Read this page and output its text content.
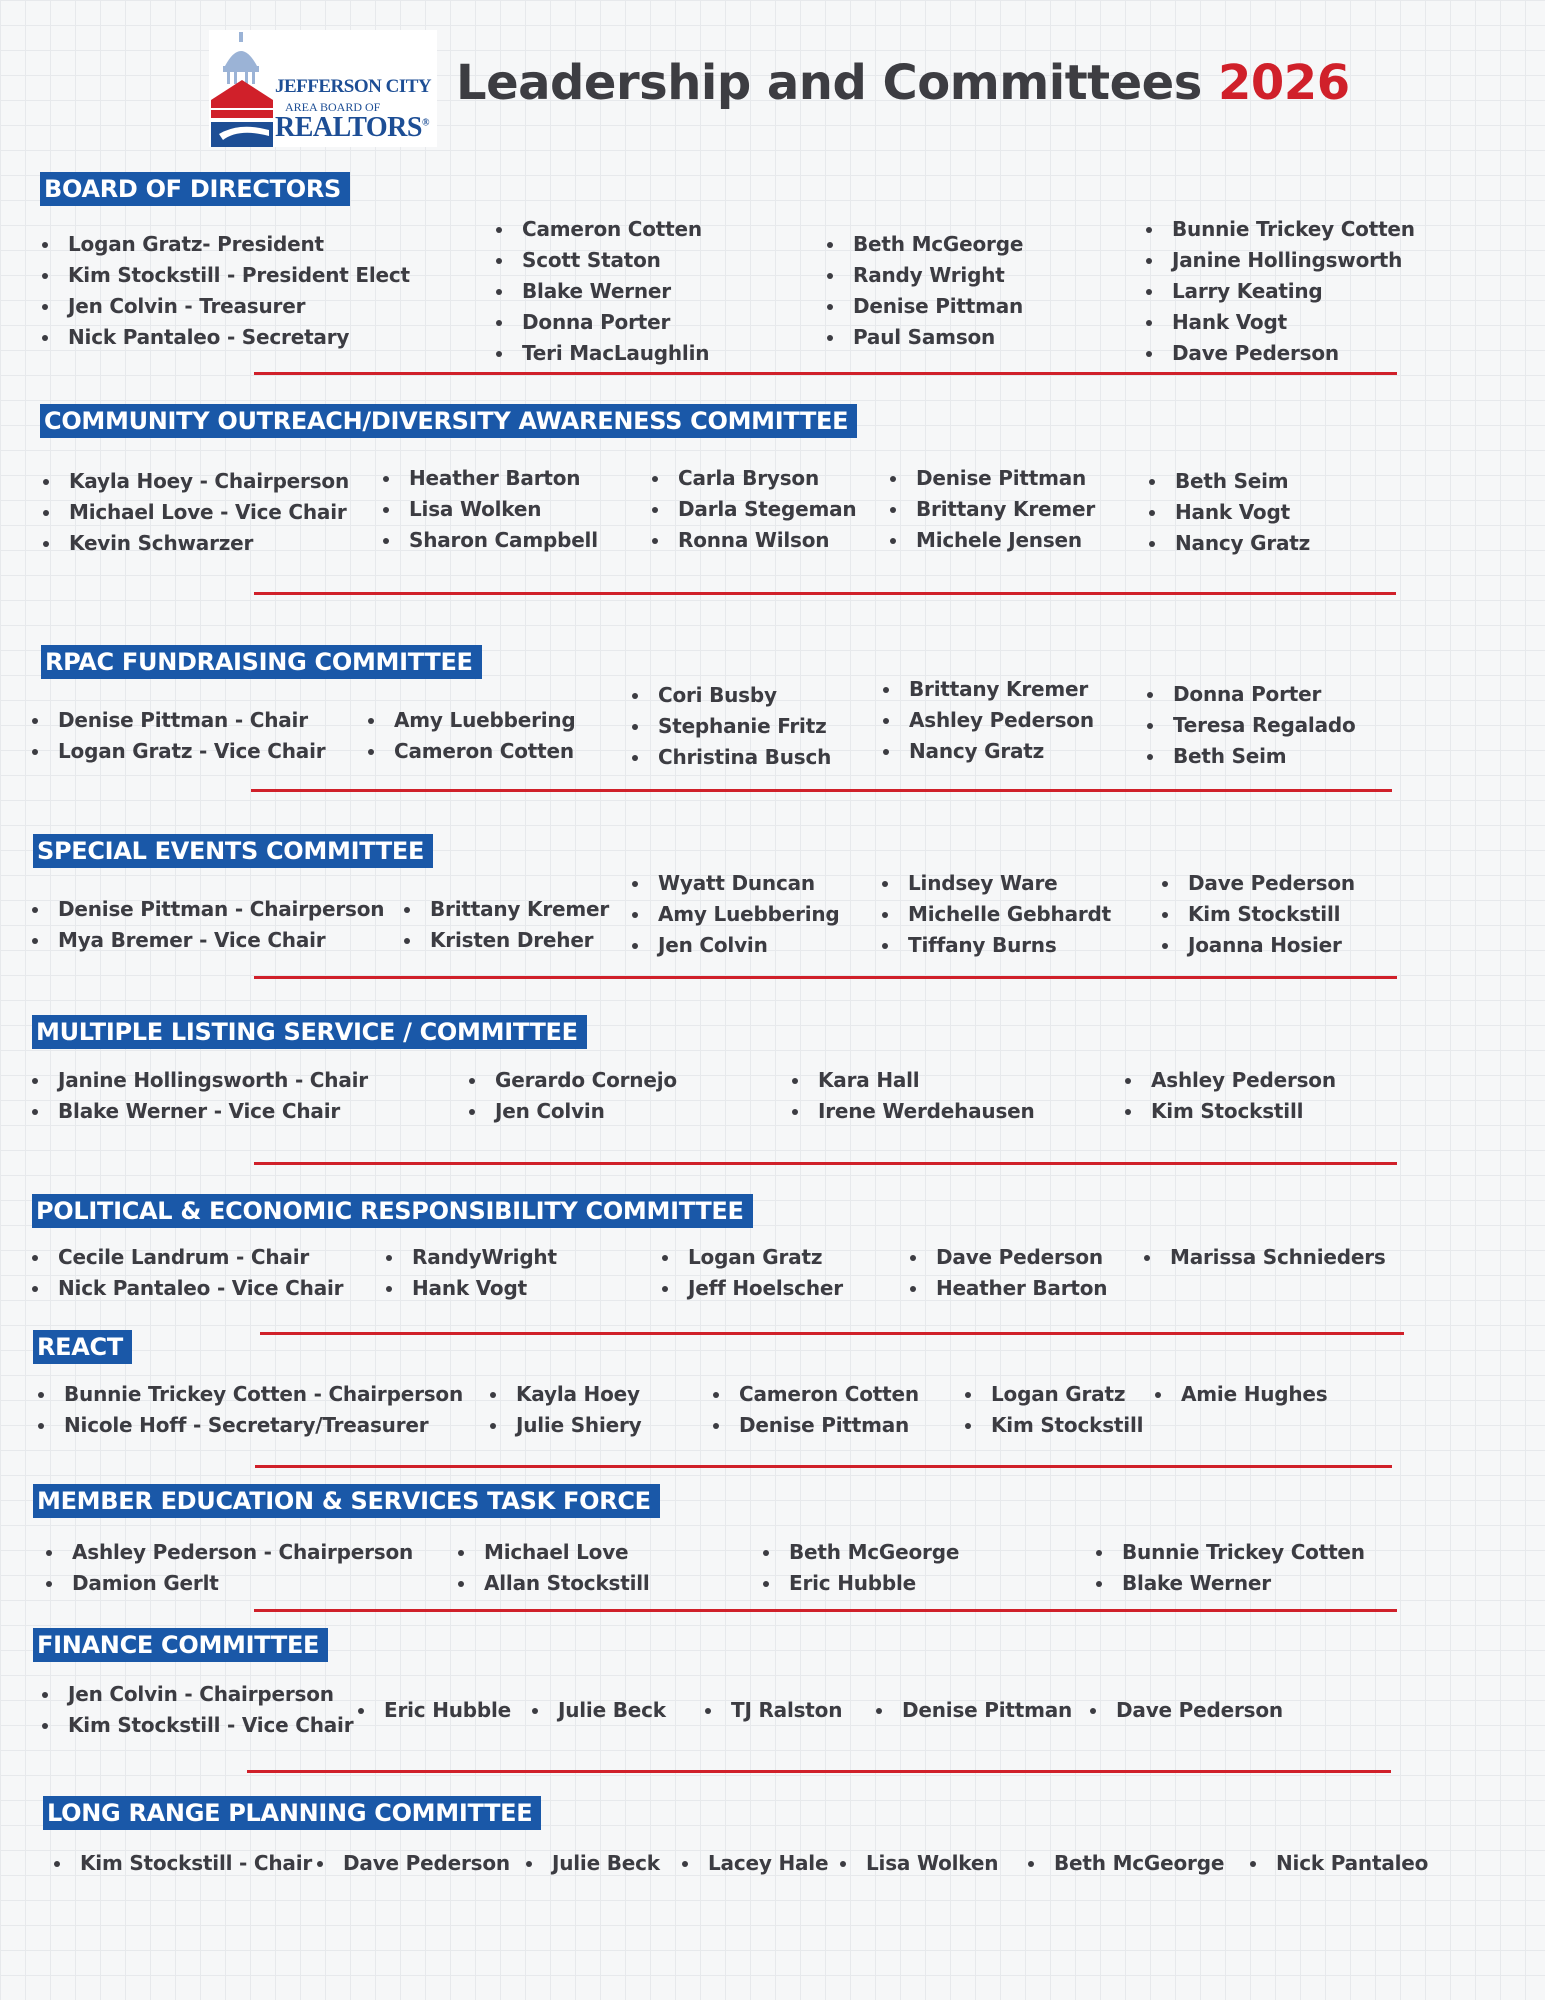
JEFFERSON CITY
AREA BOARD OF
REALTORS®
Leadership and Committees 2026
BOARD OF DIRECTORS
Logan Gratz- President
Kim Stockstill - President Elect
Jen Colvin - Treasurer
Nick Pantaleo - Secretary
Cameron Cotten
Scott Staton
Blake Werner
Donna Porter
Teri MacLaughlin
Beth McGeorge
Randy Wright
Denise Pittman
Paul Samson
Bunnie Trickey Cotten
Janine Hollingsworth
Larry Keating
Hank Vogt
Dave Pederson
COMMUNITY OUTREACH/DIVERSITY AWARENESS COMMITTEE
Kayla Hoey - Chairperson
Michael Love - Vice Chair
Kevin Schwarzer
Heather Barton
Lisa Wolken
Sharon Campbell
Carla Bryson
Darla Stegeman
Ronna Wilson
Denise Pittman
Brittany Kremer
Michele Jensen
Beth Seim
Hank Vogt
Nancy Gratz
RPAC FUNDRAISING COMMITTEE
Denise Pittman - Chair
Logan Gratz - Vice Chair
Amy Luebbering
Cameron Cotten
Cori Busby
Stephanie Fritz
Christina Busch
Brittany Kremer
Ashley Pederson
Nancy Gratz
Donna Porter
Teresa Regalado
Beth Seim
SPECIAL EVENTS COMMITTEE
Denise Pittman - Chairperson
Mya Bremer - Vice Chair
Brittany Kremer
Kristen Dreher
Wyatt Duncan
Amy Luebbering
Jen Colvin
Lindsey Ware
Michelle Gebhardt
Tiffany Burns
Dave Pederson
Kim Stockstill
Joanna Hosier
MULTIPLE LISTING SERVICE / COMMITTEE
Janine Hollingsworth - Chair
Blake Werner - Vice Chair
Gerardo Cornejo
Jen Colvin
Kara Hall
Irene Werdehausen
Ashley Pederson
Kim Stockstill
POLITICAL & ECONOMIC RESPONSIBILITY COMMITTEE
Cecile Landrum - Chair
Nick Pantaleo - Vice Chair
RandyWright
Hank Vogt
Logan Gratz
Jeff Hoelscher
Dave Pederson
Heather Barton
Marissa Schnieders
REACT
Bunnie Trickey Cotten - Chairperson
Nicole Hoff - Secretary/Treasurer
Kayla Hoey
Julie Shiery
Cameron Cotten
Denise Pittman
Logan Gratz
Kim Stockstill
Amie Hughes
MEMBER EDUCATION & SERVICES TASK FORCE
Ashley Pederson - Chairperson
Damion Gerlt
Michael Love
Allan Stockstill
Beth McGeorge
Eric Hubble
Bunnie Trickey Cotten
Blake Werner
FINANCE COMMITTEE
Jen Colvin - Chairperson
Kim Stockstill - Vice Chair
Eric Hubble	Julie Beck	TJ Ralston	Denise Pittman	Dave Pederson
LONG RANGE PLANNING COMMITTEE
Kim Stockstill - Chair	Dave Pederson	Julie Beck	Lacey Hale	Lisa Wolken	Beth McGeorge	Nick Pantaleo
